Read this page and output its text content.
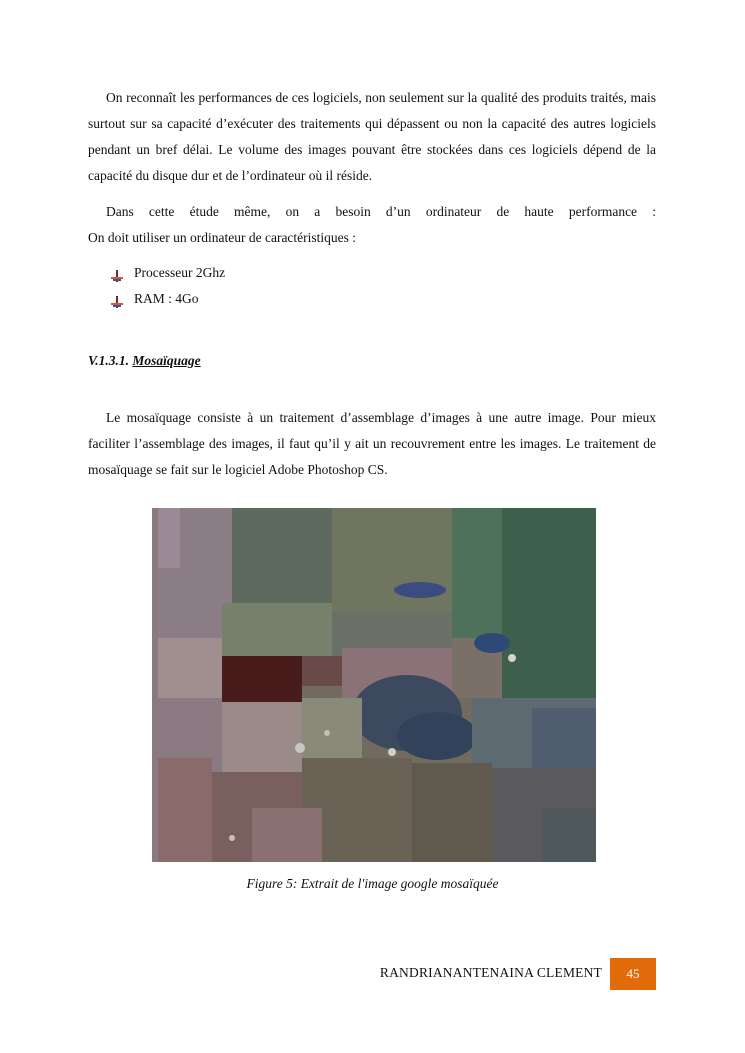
On reconnaît les performances de ces logiciels, non seulement sur la qualité des produits traités, mais surtout sur sa capacité d’exécuter des traitements qui dépassent ou non la capacité des autres logiciels pendant un bref délai. Le volume des images pouvant être stockées dans ces logiciels dépend de la capacité du disque dur et de l’ordinateur où il réside.

Dans cette étude même, on a besoin d’un ordinateur de haute performance :
On doit utiliser un ordinateur de caractéristiques :

Processeur 2Ghz
RAM : 4Go

V.1.3.1. Mosaïquage

Le mosaïquage consiste à un traitement d’assemblage d’images à une autre image. Pour mieux faciliter l’assemblage des images, il faut qu’il y ait un recouvrement entre les images. Le traitement de mosaïquage se fait sur le logiciel Adobe Photoshop CS.

Figure 5: Extrait de l'image google mosaïquée

RANDRIANANTENAINA CLEMENT	45
